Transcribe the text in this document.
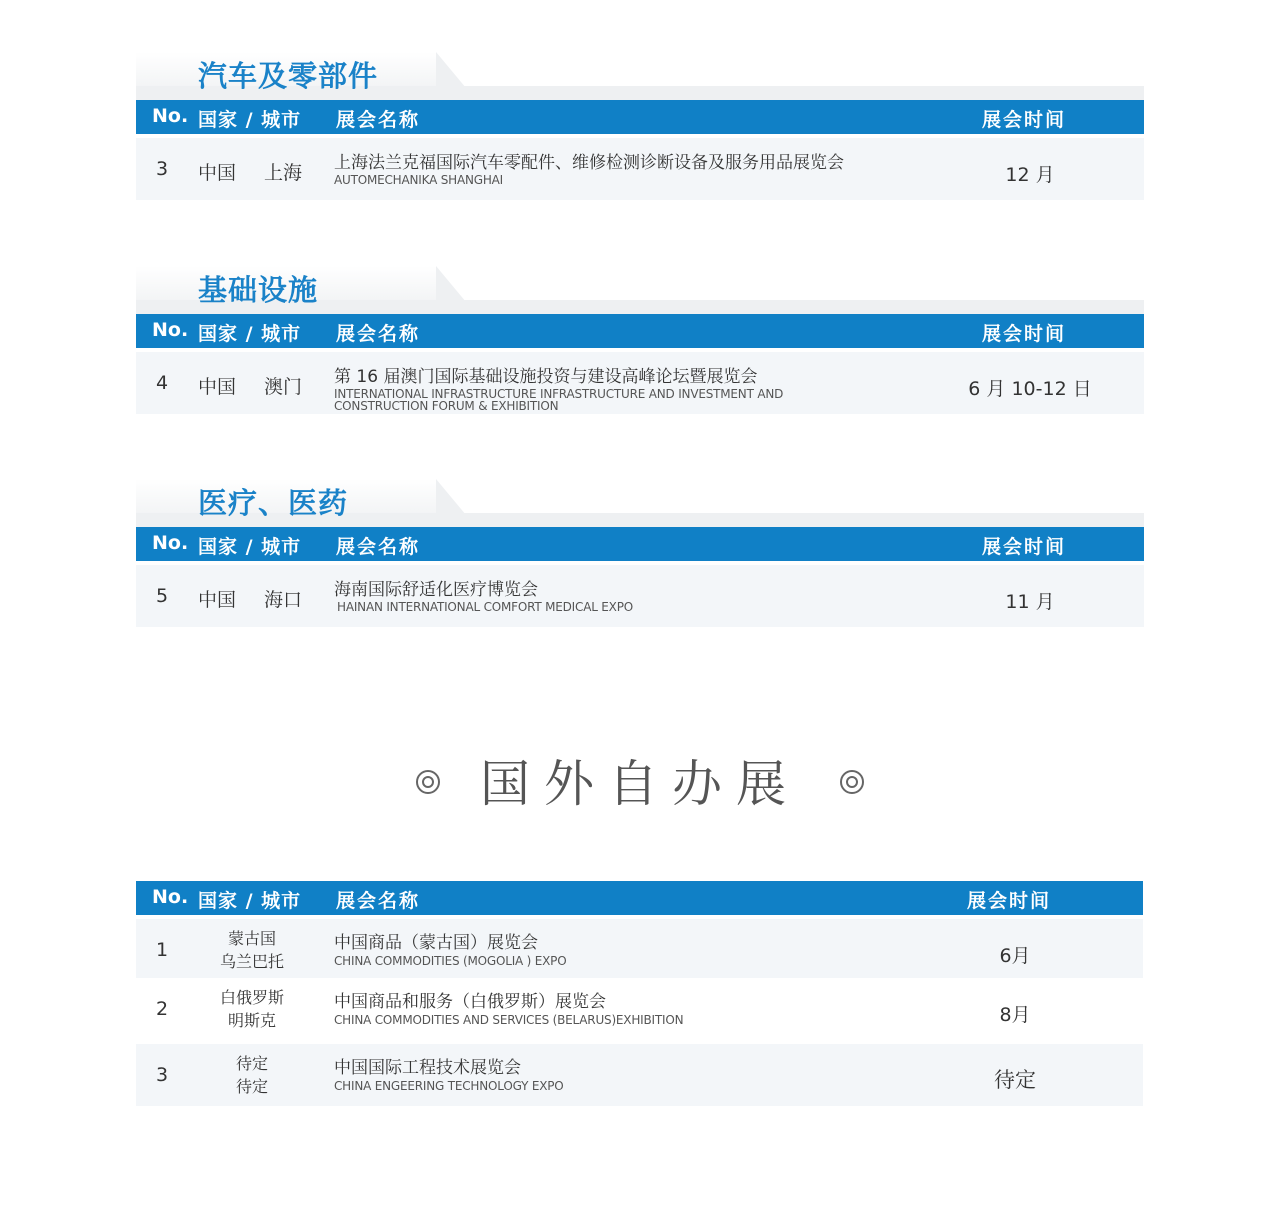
汽车及零部件
No. 国家 / 城市 展会名称	展会时间
3 中国 上海 上海法兰克福国际汽车零配件、维修检测诊断设备及服务用品展览会
AUTOMECHANIKA SHANGHAI	12 月
基础设施
No. 国家 / 城市 展会名称	展会时间
4 中国 澳门 第 16 届澳门国际基础设施投资与建设高峰论坛暨展览会
INTERNATIONAL INFRASTRUCTURE INFRASTRUCTURE AND INVESTMENT AND
CONSTRUCTION FORUM & EXHIBITION
6 月 10-12 日
医疗、医药
No. 国家 / 城市 展会名称	展会时间
5 中国 海口 海南国际舒适化医疗博览会
HAINAN INTERNATIONAL COMFORT MEDICAL EXPO	11 月
国外自办展
No. 国家 / 城市 展会名称	展会时间
1
蒙古国
乌兰巴托
中国商品（蒙古国）展览会
CHINA COMMODITIES (MOGOLIA ) EXPO	6月
2
白俄罗斯
明斯克
中国商品和服务（白俄罗斯）展览会
CHINA COMMODITIES AND SERVICES (BELARUS)EXHIBITION	8月
3
待定
待定
中国国际工程技术展览会
CHINA ENGEERING TECHNOLOGY EXPO	待定
